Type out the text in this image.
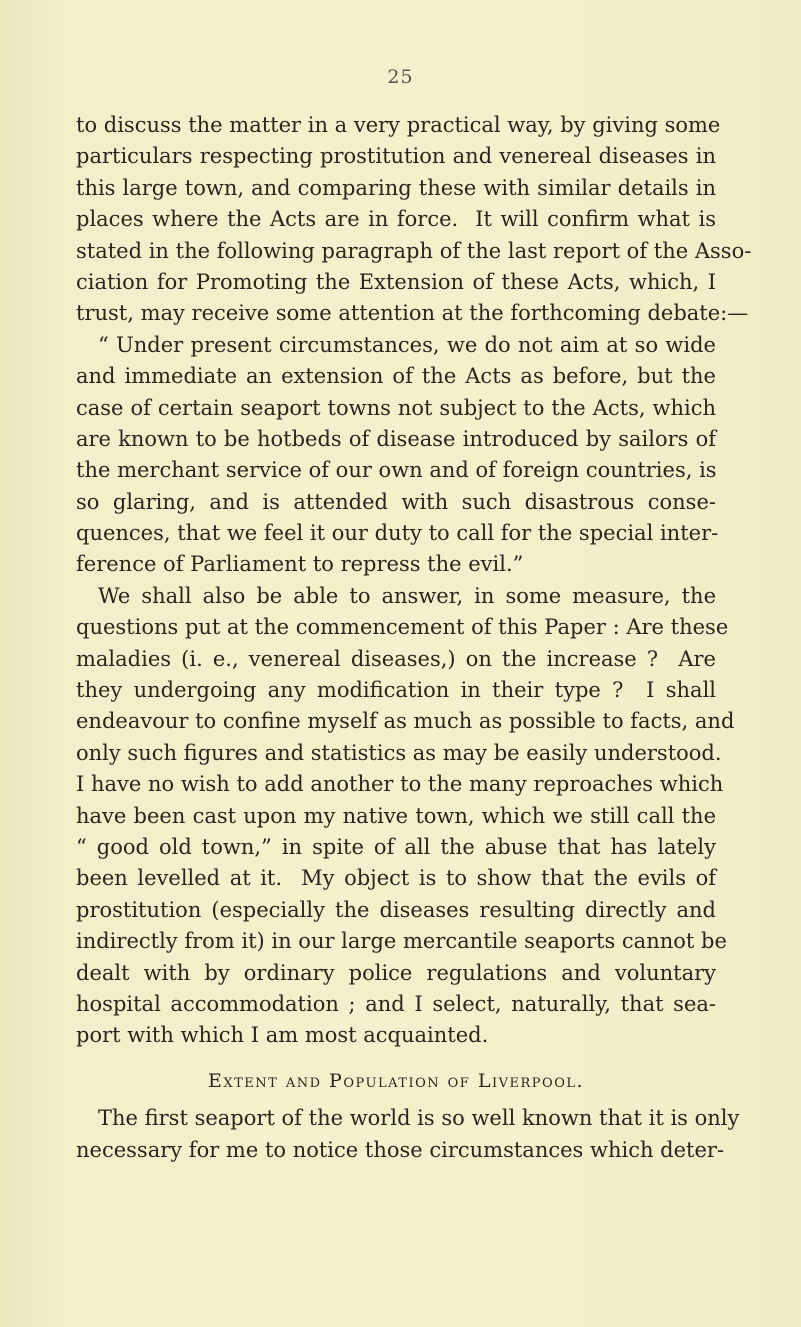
25
to discuss the matter in a very practical way, by giving some
particulars respecting prostitution and venereal diseases in
this large town, and comparing these with similar details in
places where the Acts are in force.  It will confirm what is
stated in the following paragraph of the last report of the Asso-
ciation for Promoting the Extension of these Acts, which, I
trust, may receive some attention at the forthcoming debate:—
“ Under present circumstances, we do not aim at so wide
and immediate an extension of the Acts as before, but the
case of certain seaport towns not subject to the Acts, which
are known to be hotbeds of disease introduced by sailors of
the merchant service of our own and of foreign countries, is
so glaring, and is attended with such disastrous conse-
quences, that we feel it our duty to call for the special inter-
ference of Parliament to repress the evil.”
We shall also be able to answer, in some measure, the
questions put at the commencement of this Paper : Are these
maladies (i. e., venereal diseases,) on the increase ?  Are
they undergoing any modification in their type ?  I shall
endeavour to confine myself as much as possible to facts, and
only such figures and statistics as may be easily understood.
I have no wish to add another to the many reproaches which
have been cast upon my native town, which we still call the
“ good old town,” in spite of all the abuse that has lately
been levelled at it.  My object is to show that the evils of
prostitution (especially the diseases resulting directly and
indirectly from it) in our large mercantile seaports cannot be
dealt with by ordinary police regulations and voluntary
hospital accommodation ; and I select, naturally, that sea-
port with which I am most acquainted.
Extent and Population of Liverpool.
The first seaport of the world is so well known that it is only
necessary for me to notice those circumstances which deter-
